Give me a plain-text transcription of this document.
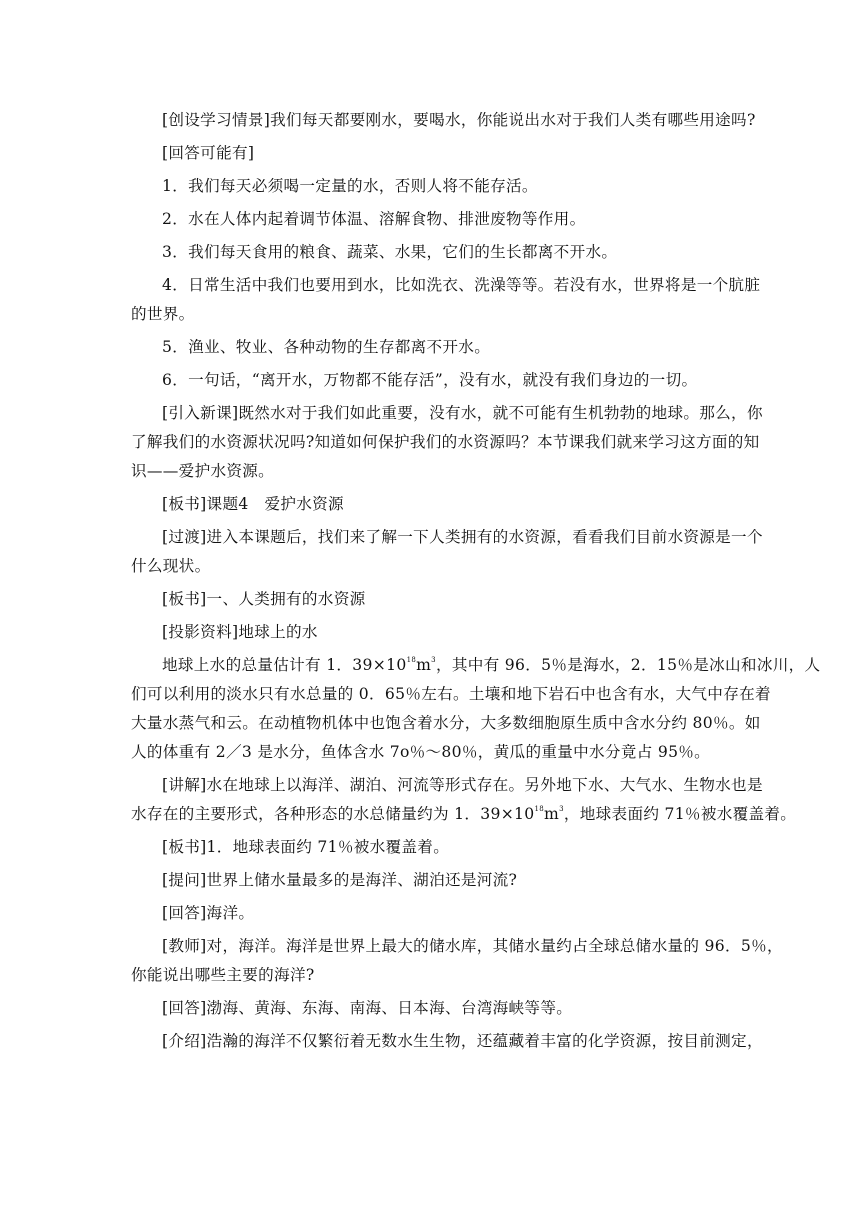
[创设学习情景]我们每天都要刚水，要喝水，你能说出水对于我们人类有哪些用途吗?
[回答可能有]
1．我们每天必须喝一定量的水，否则人将不能存活。
2．水在人体内起着调节体温、溶解食物、排泄废物等作用。
3．我们每天食用的粮食、蔬菜、水果，它们的生长都离不开水。
4．日常生活中我们也要用到水，比如洗衣、洗澡等等。若没有水，世界将是一个肮脏
的世界。
5．渔业、牧业、各种动物的生存都离不开水。
6．一句话，“离开水，万物都不能存活”，没有水，就没有我们身边的一切。
[引入新课]既然水对于我们如此重要，没有水，就不可能有生机勃勃的地球。那么，你
了解我们的水资源状况吗?知道如何保护我们的水资源吗？本节课我们就来学习这方面的知
识——爱护水资源。
[板书]课题4　爱护水资源
[过渡]进入本课题后，找们来了解一下人类拥有的水资源，看看我们目前水资源是一个
什么现状。
[板书]一、人类拥有的水资源
[投影资料]地球上的水
地球上水的总量估计有 1．$39\times 10^{18}m^3$，其中有 96．5％是海水，2．15％是冰山和冰川，人
们可以利用的淡水只有水总量的 0．65％左右。土壤和地下岩石中也含有水，大气中存在着
大量水蒸气和云。在动植物机体中也饱含着水分，大多数细胞原生质中含水分约 80％。如
人的体重有 2／3 是水分，鱼体含水 7o％～80％，黄瓜的重量中水分竟占 95％。
[讲解]水在地球上以海洋、湖泊、河流等形式存在。另外地下水、大气水、生物水也是
水存在的主要形式，各种形态的水总储量约为 1．$39\times 10^{18}m^3$，地球表面约 71％被水覆盖着。
[板书]1．地球表面约 71％被水覆盖着。
[提问]世界上储水量最多的是海洋、湖泊还是河流?
[回答]海洋。
[教师]对，海洋。海洋是世界上最大的储水库，其储水量约占全球总储水量的 96．5％，
你能说出哪些主要的海洋?
[回答]渤海、黄海、东海、南海、日本海、台湾海峡等等。
[介绍]浩瀚的海洋不仅繁衍着无数水生生物，还蕴藏着丰富的化学资源，按目前测定，
